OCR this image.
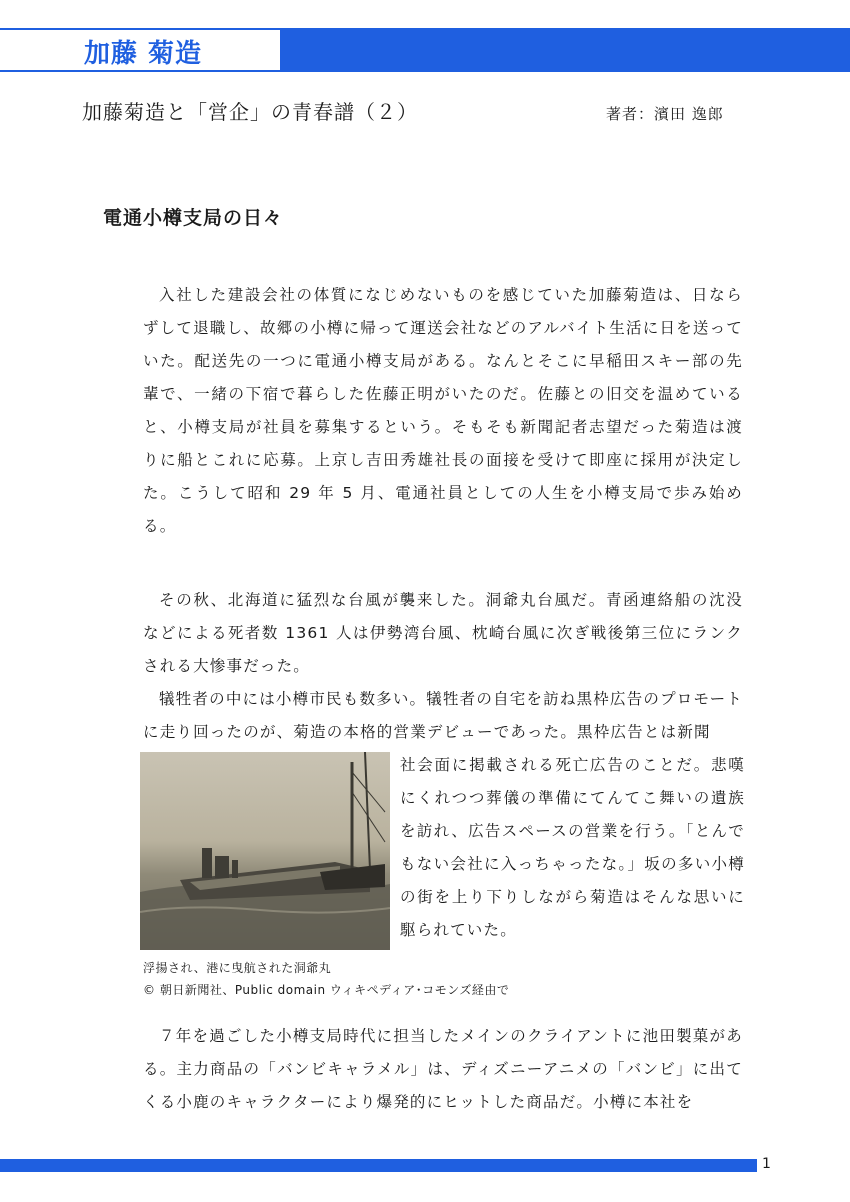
加藤 菊造
加藤菊造と「営企」の青春譜（２）	著者：濱田 逸郎
電通小樽支局の日々

入社した建設会社の体質になじめないものを感じていた加藤菊造は、日ならずして退職し、故郷の小樽に帰って運送会社などのアルバイト生活に日を送っていた。配送先の一つに電通小樽支局がある。なんとそこに早稲田スキー部の先輩で、一緒の下宿で暮らした佐藤正明がいたのだ。佐藤との旧交を温めていると、小樽支局が社員を募集するという。そもそも新聞記者志望だった菊造は渡りに船とこれに応募。上京し吉田秀雄社長の面接を受けて即座に採用が決定した。こうして昭和 29 年 5 月、電通社員としての人生を小樽支局で歩み始める。

その秋、北海道に猛烈な台風が襲来した。洞爺丸台風だ。青函連絡船の沈没などによる死者数 1361 人は伊勢湾台風、枕崎台風に次ぎ戦後第三位にランクされる大惨事だった。

犠牲者の中には小樽市民も数多い。犠牲者の自宅を訪ね黒枠広告のプロモートに走り回ったのが、菊造の本格的営業デビューであった。黒枠広告とは新聞

社会面に掲載される死亡広告のことだ。悲嘆にくれつつ葬儀の準備にてんてこ舞いの遺族を訪れ、広告スペースの営業を行う。「とんでもない会社に入っちゃったな。」坂の多い小樽の街を上り下りしながら菊造はそんな思いに駆られていた。

浮揚され、港に曳航された洞爺丸
© 朝日新聞社、Public domain ウィキペディア･コモンズ経由で

７年を過ごした小樽支局時代に担当したメインのクライアントに池田製菓がある。主力商品の「バンビキャラメル」は、ディズニーアニメの「バンビ」に出てくる小鹿のキャラクターにより爆発的にヒットした商品だ。小樽に本社を

1
